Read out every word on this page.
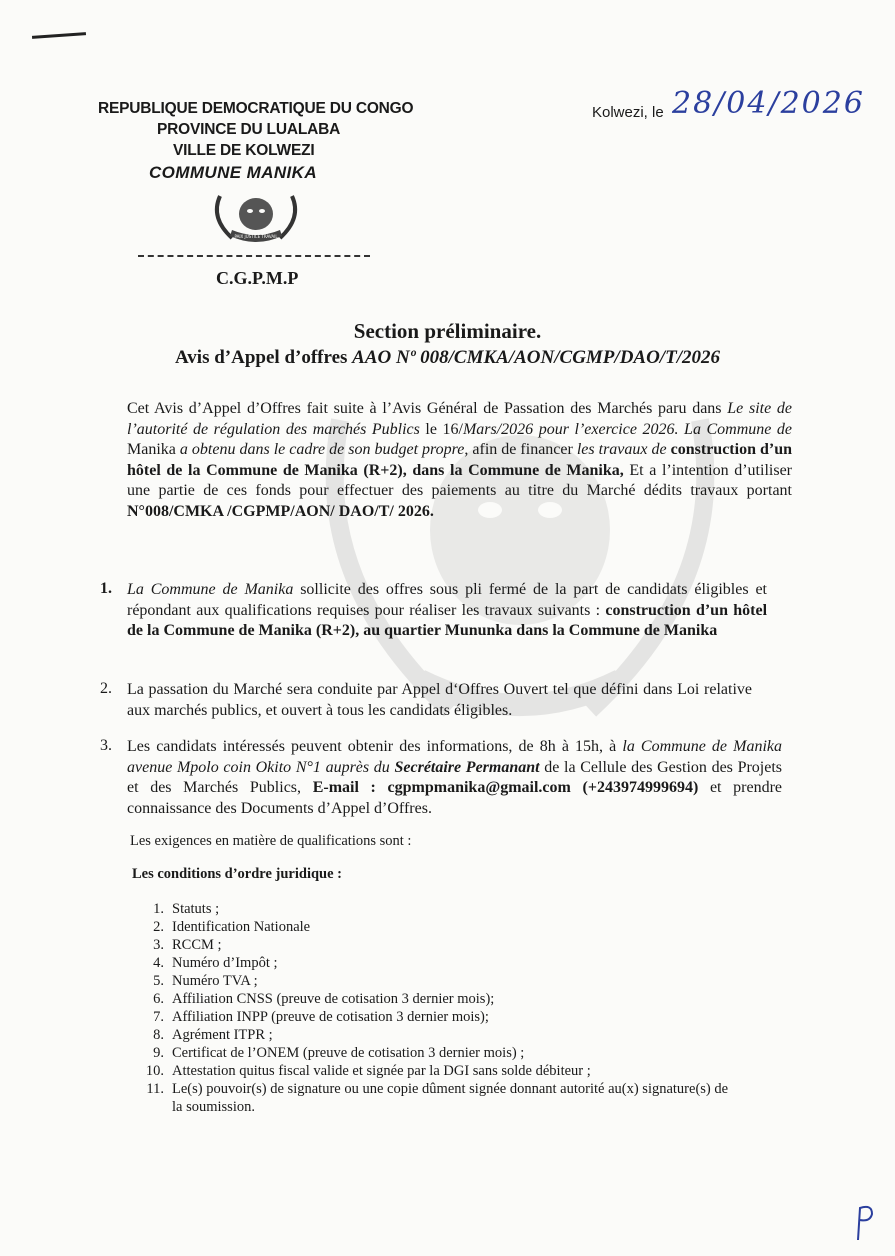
REPUBLIQUE DEMOCRATIQUE DU CONGO
PROVINCE DU LUALABA
VILLE DE KOLWEZI
COMMUNE MANIKA
PAIX JUSTICE TRAVAIL
C.G.P.M.P
Kolwezi, le 28/04/2026
Section préliminaire.
Avis d’Appel d’offres AAO Nº 008/CMKA/AON/CGMP/DAO/T/2026
Cet Avis d’Appel d’Offres fait suite à l’Avis Général de Passation des Marchés paru dans Le site de l’autorité de régulation des marchés Publics le 16/Mars/2026 pour l’exercice 2026. La Commune de Manika a obtenu dans le cadre de son budget propre, afin de financer les travaux de construction d’un hôtel de la Commune de Manika (R+2), dans la Commune de Manika, Et a l’intention d’utiliser une partie de ces fonds pour effectuer des paiements au titre du Marché dédits travaux portant N°008/CMKA /CGPMP/AON/ DAO/T/ 2026.
1. La Commune de Manika sollicite des offres sous pli fermé de la part de candidats éligibles et répondant aux qualifications requises pour réaliser les travaux suivants : construction d’un hôtel de la Commune de Manika (R+2), au quartier Mununka dans la Commune de Manika
2. La passation du Marché sera conduite par Appel d‘Offres Ouvert tel que défini dans Loi relative aux marchés publics, et ouvert à tous les candidats éligibles.
3. Les candidats intéressés peuvent obtenir des informations, de 8h à 15h, à la Commune de Manika avenue Mpolo coin Okito N°1 auprès du Secrétaire Permanant de la Cellule des Gestion des Projets et des Marchés Publics, E-mail : cgpmpmanika@gmail.com (+243974999694) et prendre connaissance des Documents d’Appel d’Offres.
Les exigences en matière de qualifications sont :
Les conditions d’ordre juridique :
1. Statuts ;
2. Identification Nationale
3. RCCM ;
4. Numéro d’Impôt ;
5. Numéro TVA ;
6. Affiliation CNSS (preuve de cotisation 3 dernier mois);
7. Affiliation INPP (preuve de cotisation 3 dernier mois);
8. Agrément ITPR ;
9. Certificat de l’ONEM (preuve de cotisation 3 dernier mois) ;
10. Attestation quitus fiscal valide et signée par la DGI sans solde débiteur ;
11. Le(s) pouvoir(s) de signature ou une copie dûment signée donnant autorité au(x) signature(s) de la soumission.
